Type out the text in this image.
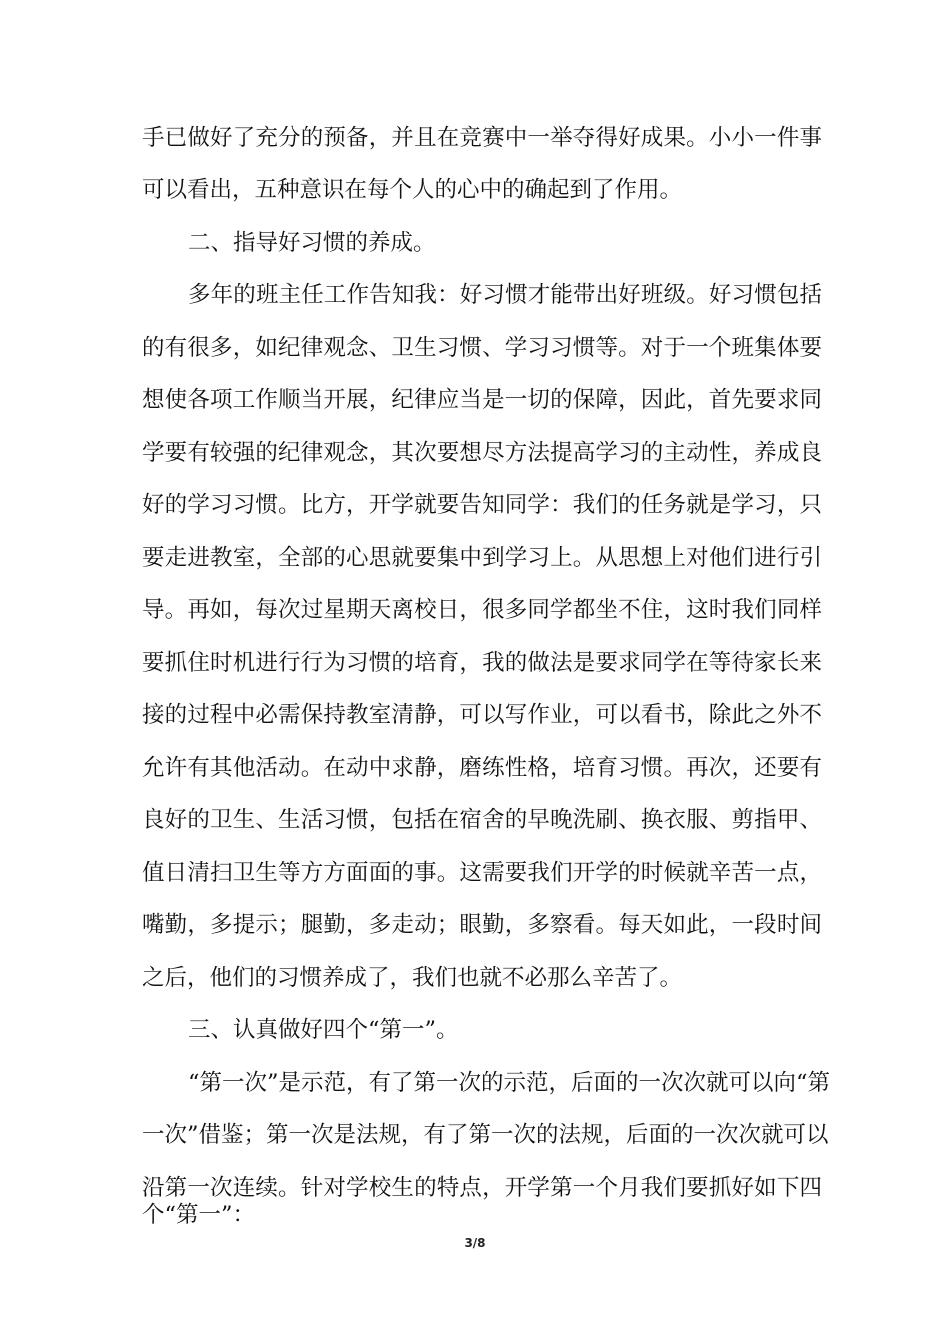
手已做好了充分的预备，并且在竞赛中一举夺得好成果。小小一件事
可以看出，五种意识在每个人的心中的确起到了作用。
二、指导好习惯的养成。
多年的班主任工作告知我：好习惯才能带出好班级。好习惯包括
的有很多，如纪律观念、卫生习惯、学习习惯等。对于一个班集体要
想使各项工作顺当开展，纪律应当是一切的保障，因此，首先要求同
学要有较强的纪律观念，其次要想尽方法提高学习的主动性，养成良
好的学习习惯。比方，开学就要告知同学：我们的任务就是学习，只
要走进教室，全部的心思就要集中到学习上。从思想上对他们进行引
导。再如，每次过星期天离校日，很多同学都坐不住，这时我们同样
要抓住时机进行行为习惯的培育，我的做法是要求同学在等待家长来
接的过程中必需保持教室清静，可以写作业，可以看书，除此之外不
允许有其他活动。在动中求静，磨练性格，培育习惯。再次，还要有
良好的卫生、生活习惯，包括在宿舍的早晚洗刷、换衣服、剪指甲、
值日清扫卫生等方方面面的事。这需要我们开学的时候就辛苦一点，
嘴勤，多提示；腿勤，多走动；眼勤，多察看。每天如此，一段时间
之后，他们的习惯养成了，我们也就不必那么辛苦了。
三、认真做好四个“第一”。
“第一次”是示范，有了第一次的示范，后面的一次次就可以向“第
一次”借鉴；第一次是法规，有了第一次的法规，后面的一次次就可以
沿第一次连续。针对学校生的特点，开学第一个月我们要抓好如下四
3/8
个“第一”：
